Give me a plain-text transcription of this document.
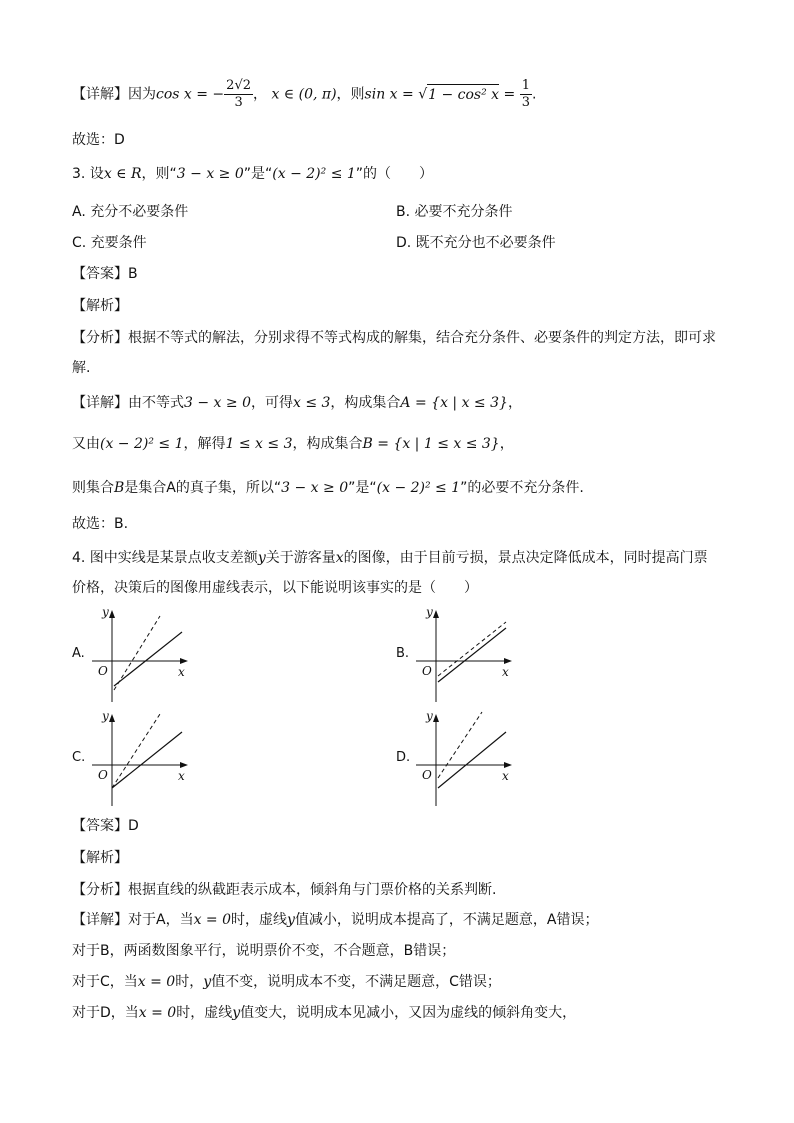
【详解】因为cos x = − $\frac{2√2}{3}$ ， x ∈ (0, π)，则sin x = √1 − cos² $x = \frac{1}{3}$ .
故选：D
3. 设x ∈ R，则“3 − x ≥ 0”是“(x − 2)² ≤ 1”的（　　）
A. 充分不必要条件	B. 必要不充分条件
C. 充要条件	D. 既不充分也不必要条件
【答案】B
【解析】
【分析】根据不等式的解法，分别求得不等式构成的解集，结合充分条件、必要条件的判定方法，即可求
解.
【详解】由不等式3 − x ≥ 0，可得x ≤ 3，构成集合A = {x | x ≤ 3}，
又由(x − 2)² ≤ 1，解得1 ≤ x ≤ 3，构成集合B = {x | 1 ≤ x ≤ 3}，
则集合B是集合A的真子集，所以“3 − x ≥ 0”是“(x − 2)² ≤ 1”的必要不充分条件.
故选：B.
4. 图中实线是某景点收支差额y关于游客量x的图像，由于目前亏损，景点决定降低成本，同时提高门票
价格，决策后的图像用虚线表示，以下能说明该事实的是（　　）
A.	B.
C.	D.
y
x
O
y
x
O
y
x
O
y
x
O
【答案】D
【解析】
【分析】根据直线的纵截距表示成本，倾斜角与门票价格的关系判断.
【详解】对于A，当x = 0时，虚线y值减小，说明成本提高了，不满足题意，A错误；
对于B，两函数图象平行，说明票价不变，不合题意，B错误；
对于C，当x = 0时，y值不变，说明成本不变，不满足题意，C错误；
对于D，当x = 0时，虚线y值变大，说明成本见减小，又因为虚线的倾斜角变大，
